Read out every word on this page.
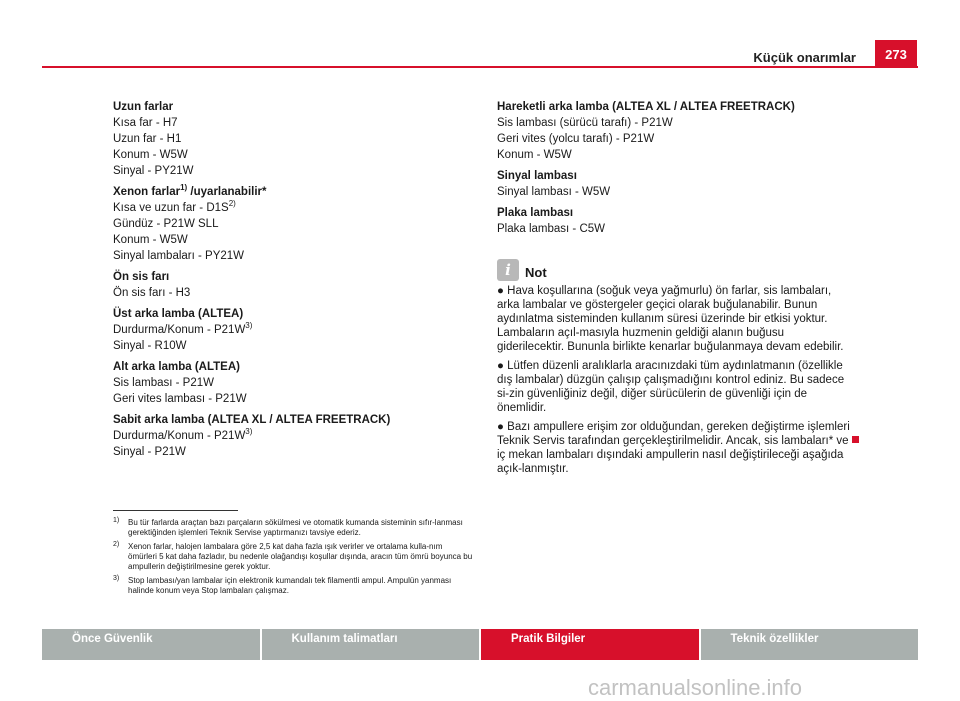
Küçük onarımlar	273
Uzun farlar
Kısa far - H7
Uzun far - H1
Konum - W5W
Sinyal - PY21W
Xenon farlar$^{1)}$ /uyarlanabilir*
Kısa ve uzun far - $D1S^{2)}$
Gündüz - P21W SLL
Konum - W5W
Sinyal lambaları - PY21W
Ön sis farı
Ön sis farı - H3
Üst arka lamba (ALTEA)
Durdurma/Konum - $P21W^{3)}$
Sinyal - R10W
Alt arka lamba (ALTEA)
Sis lambası - P21W
Geri vites lambası - P21W
Sabit arka lamba (ALTEA XL / ALTEA FREETRACK)
Durdurma/Konum - $P21W^{3)}$
Sinyal - P21W
Hareketli arka lamba (ALTEA XL / ALTEA FREETRACK)
Sis lambası (sürücü tarafı) - P21W
Geri vites (yolcu tarafı) - P21W
Konum - W5W
Sinyal lambası
Sinyal lambası - W5W
Plaka lambası
Plaka lambası - C5W
i	Not

● Hava koşullarına (soğuk veya yağmurlu) ön farlar, sis lambaları, arka lambalar ve göstergeler geçici olarak buğulanabilir. Bunun aydınlatma sisteminden kullanım süresi üzerinde bir etkisi yoktur. Lambaların açıl-masıyla huzmenin geldiği alanın buğusu giderilecektir. Bununla birlikte kenarlar buğulanmaya devam edebilir.

● Lütfen düzenli aralıklarla aracınızdaki tüm aydınlatmanın (özellikle dış lambalar) düzgün çalışıp çalışmadığını kontrol ediniz. Bu sadece si-zin güvenliğiniz değil, diğer sürücülerin de güvenliği için de önemlidir.

● Bazı ampullere erişim zor olduğundan, gereken değiştirme işlemleri Teknik Servis tarafından gerçekleştirilmelidir. Ancak, sis lambaları* ve iç mekan lambaları dışındaki ampullerin nasıl değiştirileceği aşağıda açık-lanmıştır.

1) Bu tür farlarda araçtan bazı parçaların sökülmesi ve otomatik kumanda sisteminin sıfır-lanması gerektiğinden işlemleri Teknik Servise yaptırmanızı tavsiye ederiz.
2) Xenon farlar, halojen lambalara göre 2,5 kat daha fazla ışık verirler ve ortalama kulla-nım ömürleri 5 kat daha fazladır, bu nedenle olağandışı koşullar dışında, aracın tüm ömrü boyunca bu ampullerin değiştirilmesine gerek yoktur.
3) Stop lambası/yan lambalar için elektronik kumandalı tek filamentli ampul. Ampulün yanması halinde konum veya Stop lambaları çalışmaz.
Önce Güvenlik	Kullanım talimatları	Pratik Bilgiler	Teknik özellikler
carmanualsonline.info
